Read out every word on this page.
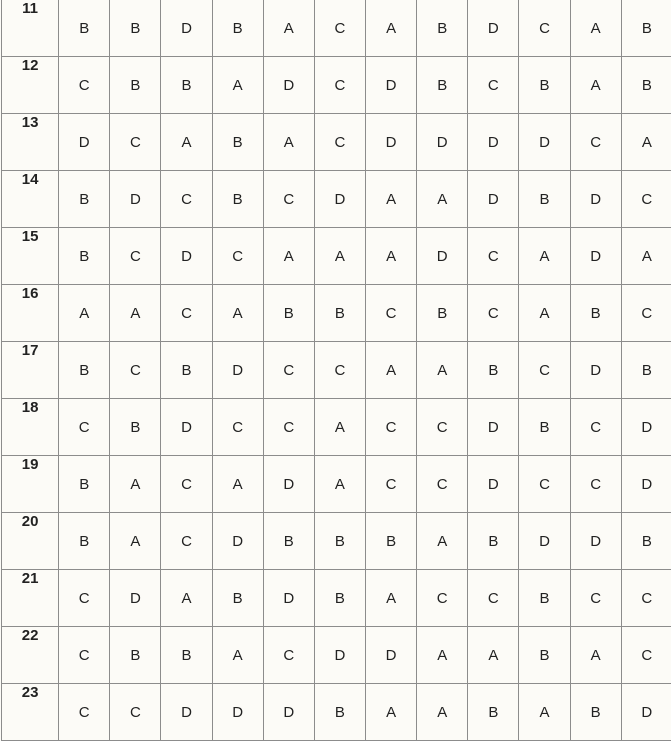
11	B	B	D	B	A	C	A	B	D	C	A	B
12	C	B	B	A	D	C	D	B	C	B	A	B
13	D	C	A	B	A	C	D	D	D	D	C	A
14	B	D	C	B	C	D	A	A	D	B	D	C
15	B	C	D	C	A	A	A	D	C	A	D	A
16	A	A	C	A	B	B	C	B	C	A	B	C
17	B	C	B	D	C	C	A	A	B	C	D	B
18	C	B	D	C	C	A	C	C	D	B	C	D
19	B	A	C	A	D	A	C	C	D	C	C	D
20	B	A	C	D	B	B	B	A	B	D	D	B
21	C	D	A	B	D	B	A	C	C	B	C	C
22	C	B	B	A	C	D	D	A	A	B	A	C
23	C	C	D	D	D	B	A	A	B	A	B	D
